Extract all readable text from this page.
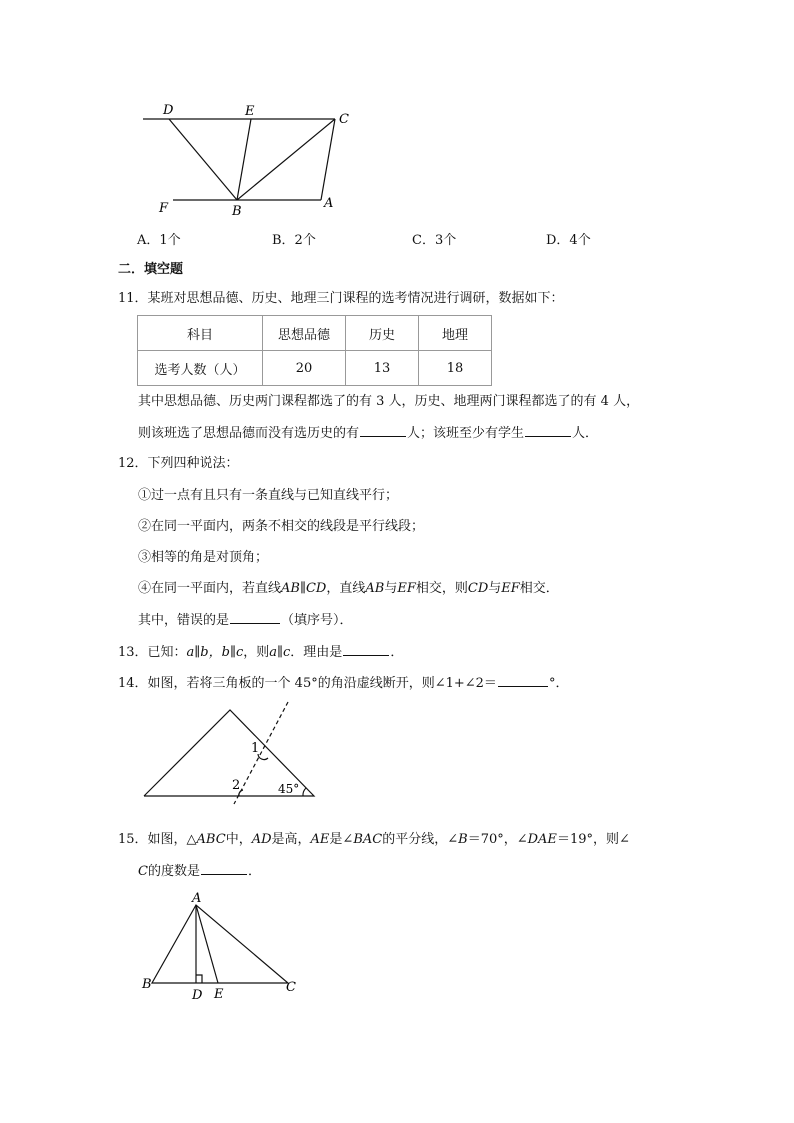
D	E
C
F	B
A
A．1个	B．2个	C．3个	D．4个
二．填空题
11．某班对思想品德、历史、地理三门课程的选考情况进行调研，数据如下：
科目	思想品德	历史	地理
选考人数（人）	20	13	18
其中思想品德、历史两门课程都选了的有 3 人，历史、地理两门课程都选了的有 4 人，
则该班选了思想品德而没有选历史的有	人；该班至少有学生	人．
12．下列四种说法：
①过一点有且只有一条直线与已知直线平行；
②在同一平面内，两条不相交的线段是平行线段；
③相等的角是对顶角；
④在同一平面内，若直线AB∥CD，直线AB与EF相交，则CD与EF相交．
其中，错误的是	（填序号）．
13．已知：a∥b，b∥c，则a∥c．理由是	．
14．如图，若将三角板的一个 45°的角沿虚线断开，则∠1+∠2＝	°．
1
2	45°
15．如图，△ABC中，AD是高，AE是∠BAC的平分线，∠B＝70°，∠DAE＝19°，则∠
C的度数是	．
A
B
D E	C
